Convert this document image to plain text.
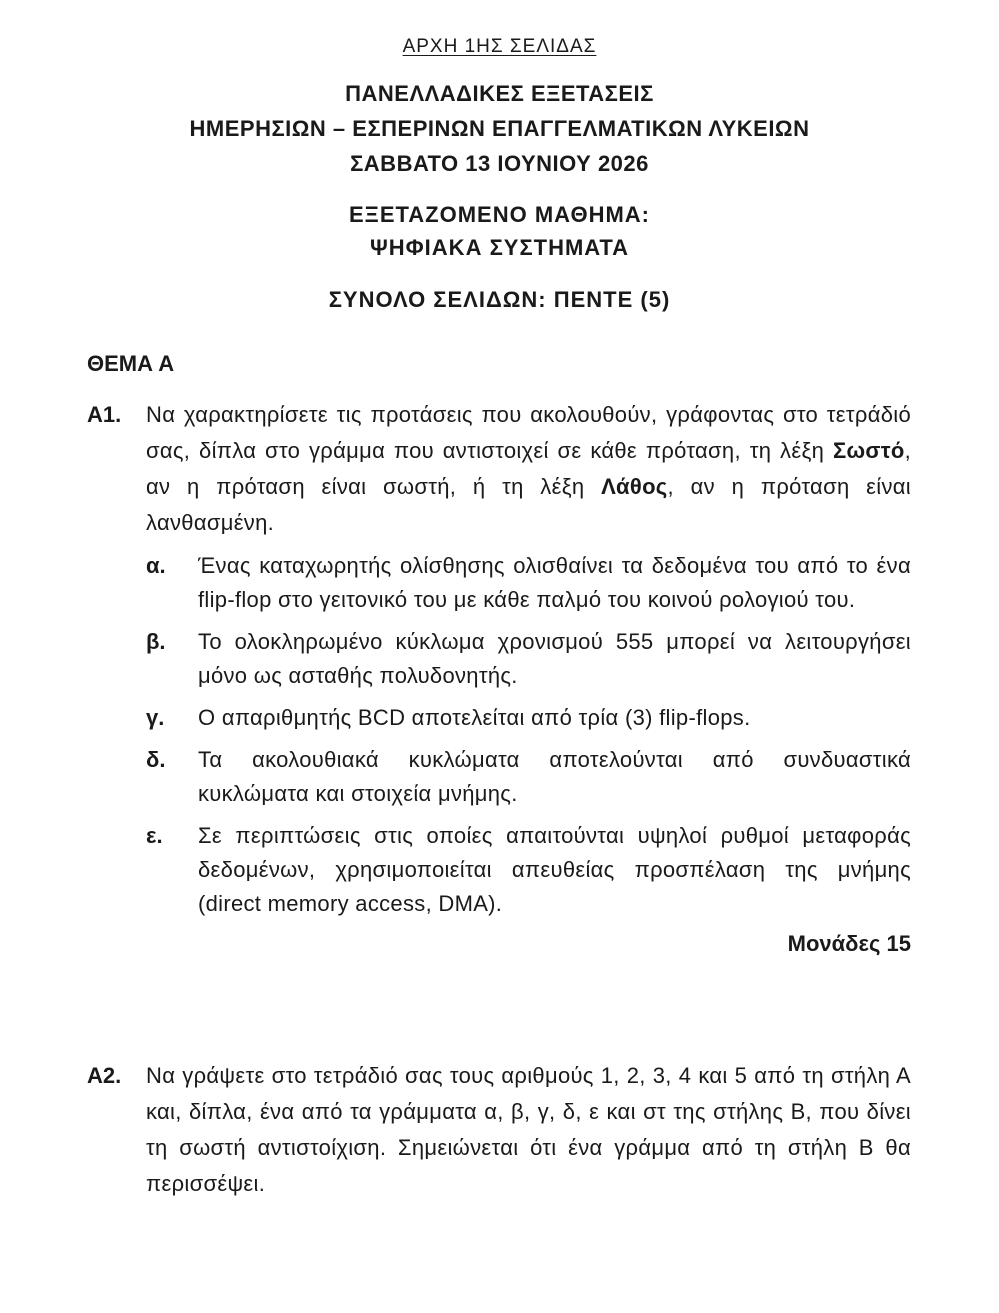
ΑΡΧΗ 1ΗΣ ΣΕΛΙΔΑΣ
ΠΑΝΕΛΛΑΔΙΚΕΣ ΕΞΕΤΑΣΕΙΣ
ΗΜΕΡΗΣΙΩΝ – ΕΣΠΕΡΙΝΩΝ ΕΠΑΓΓΕΛΜΑΤΙΚΩΝ ΛΥΚΕΙΩΝ
ΣΑΒΒΑΤΟ 13 ΙΟΥΝΙΟΥ 2026
ΕΞΕΤΑΖΟΜΕΝΟ ΜΑΘΗΜΑ:
ΨΗΦΙΑΚΑ ΣΥΣΤΗΜΑΤΑ
ΣΥΝΟΛΟ ΣΕΛΙΔΩΝ: ΠΕΝΤΕ (5)
ΘΕΜΑ Α
Α1. Να χαρακτηρίσετε τις προτάσεις που ακολουθούν, γράφοντας στο τετράδιό σας, δίπλα στο γράμμα που αντιστοιχεί σε κάθε πρόταση, τη λέξη Σωστό, αν η πρόταση είναι σωστή, ή τη λέξη Λάθος, αν η πρόταση είναι λανθασμένη.
α. Ένας καταχωρητής ολίσθησης ολισθαίνει τα δεδομένα του από το ένα flip-flop στο γειτονικό του με κάθε παλμό του κοινού ρολογιού του.
β. Το ολοκληρωμένο κύκλωμα χρονισμού 555 μπορεί να λειτουργήσει μόνο ως ασταθής πολυδονητής.
γ. Ο απαριθμητής BCD αποτελείται από τρία (3) flip-flops.
δ. Τα ακολουθιακά κυκλώματα αποτελούνται από συνδυαστικά κυκλώματα και στοιχεία μνήμης.
ε. Σε περιπτώσεις στις οποίες απαιτούνται υψηλοί ρυθμοί μεταφοράς δεδομένων, χρησιμοποιείται απευθείας προσπέλαση της μνήμης (direct memory access, DMA).
Μονάδες 15
Α2. Να γράψετε στο τετράδιό σας τους αριθμούς 1, 2, 3, 4 και 5 από τη στήλη Α και, δίπλα, ένα από τα γράμματα α, β, γ, δ, ε και στ της στήλης Β, που δίνει τη σωστή αντιστοίχιση. Σημειώνεται ότι ένα γράμμα από τη στήλη Β θα περισσέψει.
